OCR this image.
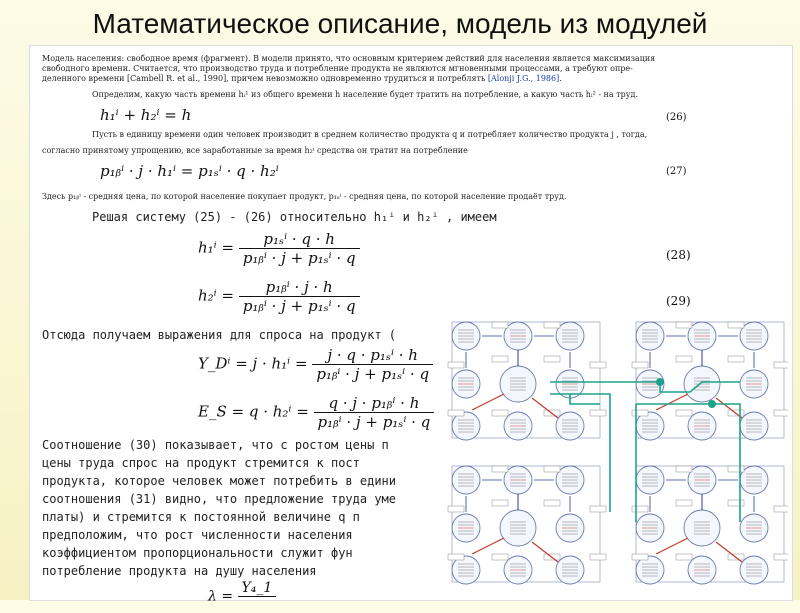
Математическое описание, модель из модулей
Модель населения: свободное время (фрагмент). В модели принято, что основным критерием действий для населения является максимизация
свободного времени. Считается, что производство труда и потребление продукта не являются мгновенными процессами, а требуют опре-
деленного времени [Cambell R. et al., 1990], причем невозможно одновременно трудиться и потреблять [Alonji J.G., 1986].
Определим, какую часть времени hᵢ¹ из общего времени h население будет тратить на потребление, а какую часть hᵢ² - на труд.
h₁ⁱ + h₂ⁱ = h	(26)
Пусть в единицу времени один человек производит в среднем количество продукта q и потребляет количество продукта j , тогда,
согласно принятому упрощению, все заработанные за время h₂ⁱ средства он тратит на потребление
p₁ᵦⁱ · j · h₁ⁱ = p₁ₛⁱ · q · h₂ⁱ	(27)
Здесь p₁ᵦⁱ - средняя цена, по которой население покупает продукт, p₁ₛⁱ - средняя цена, по которой население продаёт труд.
Решая систему (25) - (26) относительно h₁ⁱ и h₂ⁱ , имеем
$h_1^i = \frac{\text{p₁ₛⁱ · q · h}}{\text{p₁ᵦⁱ · j + p₁ₛⁱ · q}}$	(28)
$h_2^i = \frac{\text{p₁ᵦⁱ · j · h}}{\text{p₁ᵦⁱ · j + p₁ₛⁱ · q}}$	(29)
Отсюда получаем выражения для спроса на продукт (
Y_Dⁱ = $j \cdot h_1^i = \frac{\text{j · q · p₁ₛⁱ · h}}{\text{p₁ᵦⁱ · j + p₁ₛⁱ · q}}$
E_S = $q \cdot h_2^i = \frac{\text{q · j · p₁ᵦⁱ · h}}{\text{p₁ᵦⁱ · j + p₁ₛⁱ · q}}$
Соотношение (30) показывает, что с ростом цены п
цены труда спрос на продукт стремится к пост
продукта, которое человек может потребить в едини
соотношения (31) видно, что предложение труда уме
платы) и стремится к постоянной величине q п
предположим, что рост численности населения
коэффициентом пропорциональности служит фун
потребление продукта на душу населения
λ =
Y₄_1
